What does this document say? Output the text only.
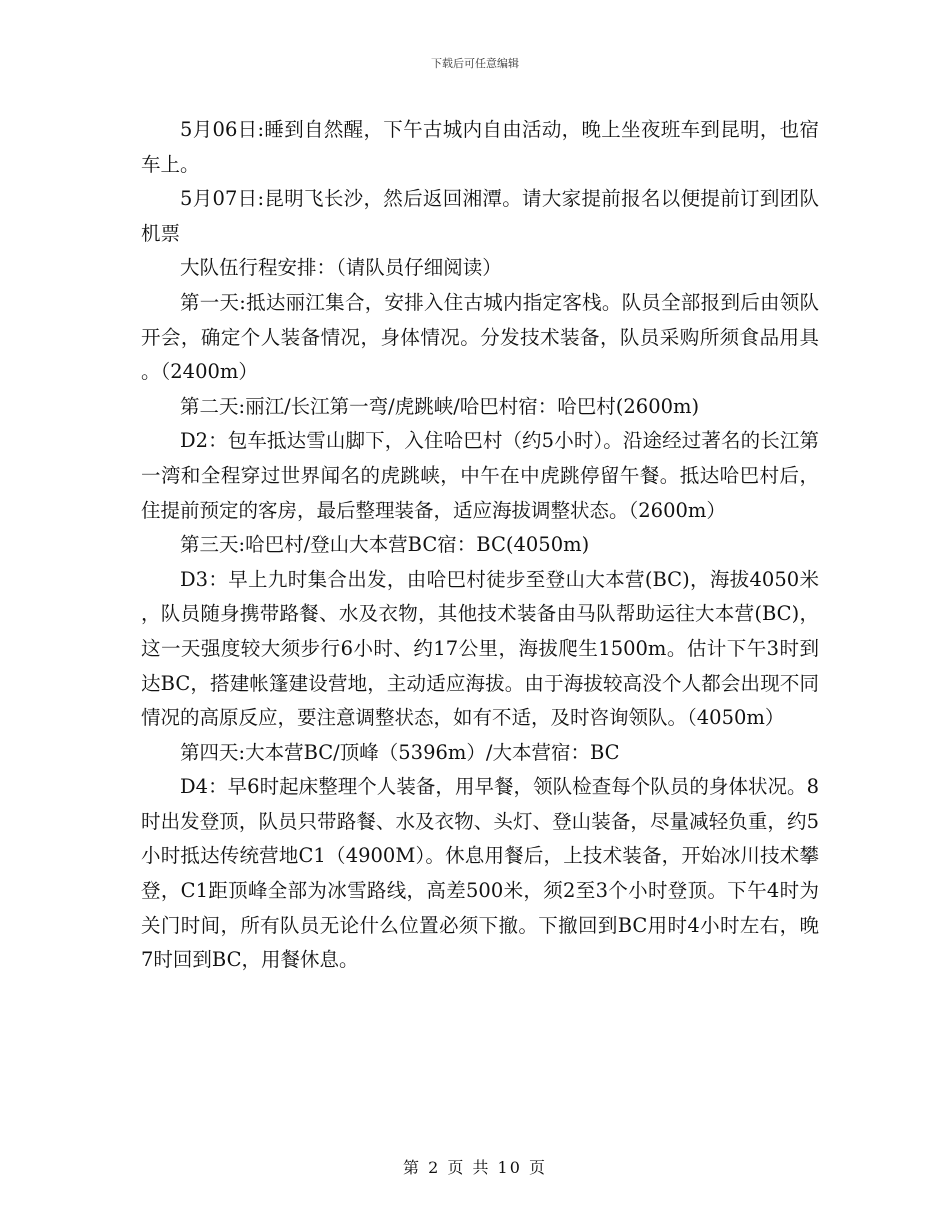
下载后可任意编辑

5月06日:睡到自然醒，下午古城内自由活动，晚上坐夜班车到昆明，也宿车上。

5月07日:昆明飞长沙，然后返回湘潭。请大家提前报名以便提前订到团队机票

大队伍行程安排：（请队员仔细阅读）

第一天:抵达丽江集合，安排入住古城内指定客栈。队员全部报到后由领队开会，确定个人装备情况，身体情况。分发技术装备，队员采购所须食品用具。（2400m）

第二天:丽江/长江第一弯/虎跳峡/哈巴村宿：哈巴村(2600m)

D2：包车抵达雪山脚下，入住哈巴村（约5小时）。沿途经过著名的长江第一湾和全程穿过世界闻名的虎跳峡，中午在中虎跳停留午餐。抵达哈巴村后，住提前预定的客房，最后整理装备，适应海拔调整状态。（2600m）

第三天:哈巴村/登山大本营BC宿：BC(4050m)

D3：早上九时集合出发，由哈巴村徒步至登山大本营(BC)，海拔4050米，队员随身携带路餐、水及衣物，其他技术装备由马队帮助运往大本营(BC)，这一天强度较大须步行6小时、约17公里，海拔爬生1500m。估计下午3时到达BC，搭建帐篷建设营地，主动适应海拔。由于海拔较高没个人都会出现不同情况的高原反应，要注意调整状态，如有不适，及时咨询领队。（4050m）

第四天:大本营BC/顶峰（5396m）/大本营宿：BC

D4：早6时起床整理个人装备，用早餐，领队检查每个队员的身体状况。8时出发登顶，队员只带路餐、水及衣物、头灯、登山装备，尽量减轻负重，约5小时抵达传统营地C1（4900M）。休息用餐后，上技术装备，开始冰川技术攀登，C1距顶峰全部为冰雪路线，高差500米，须2至3个小时登顶。下午4时为关门时间，所有队员无论什么位置必须下撤。下撤回到BC用时4小时左右，晚7时回到BC，用餐休息。

第 2 页 共 10 页
